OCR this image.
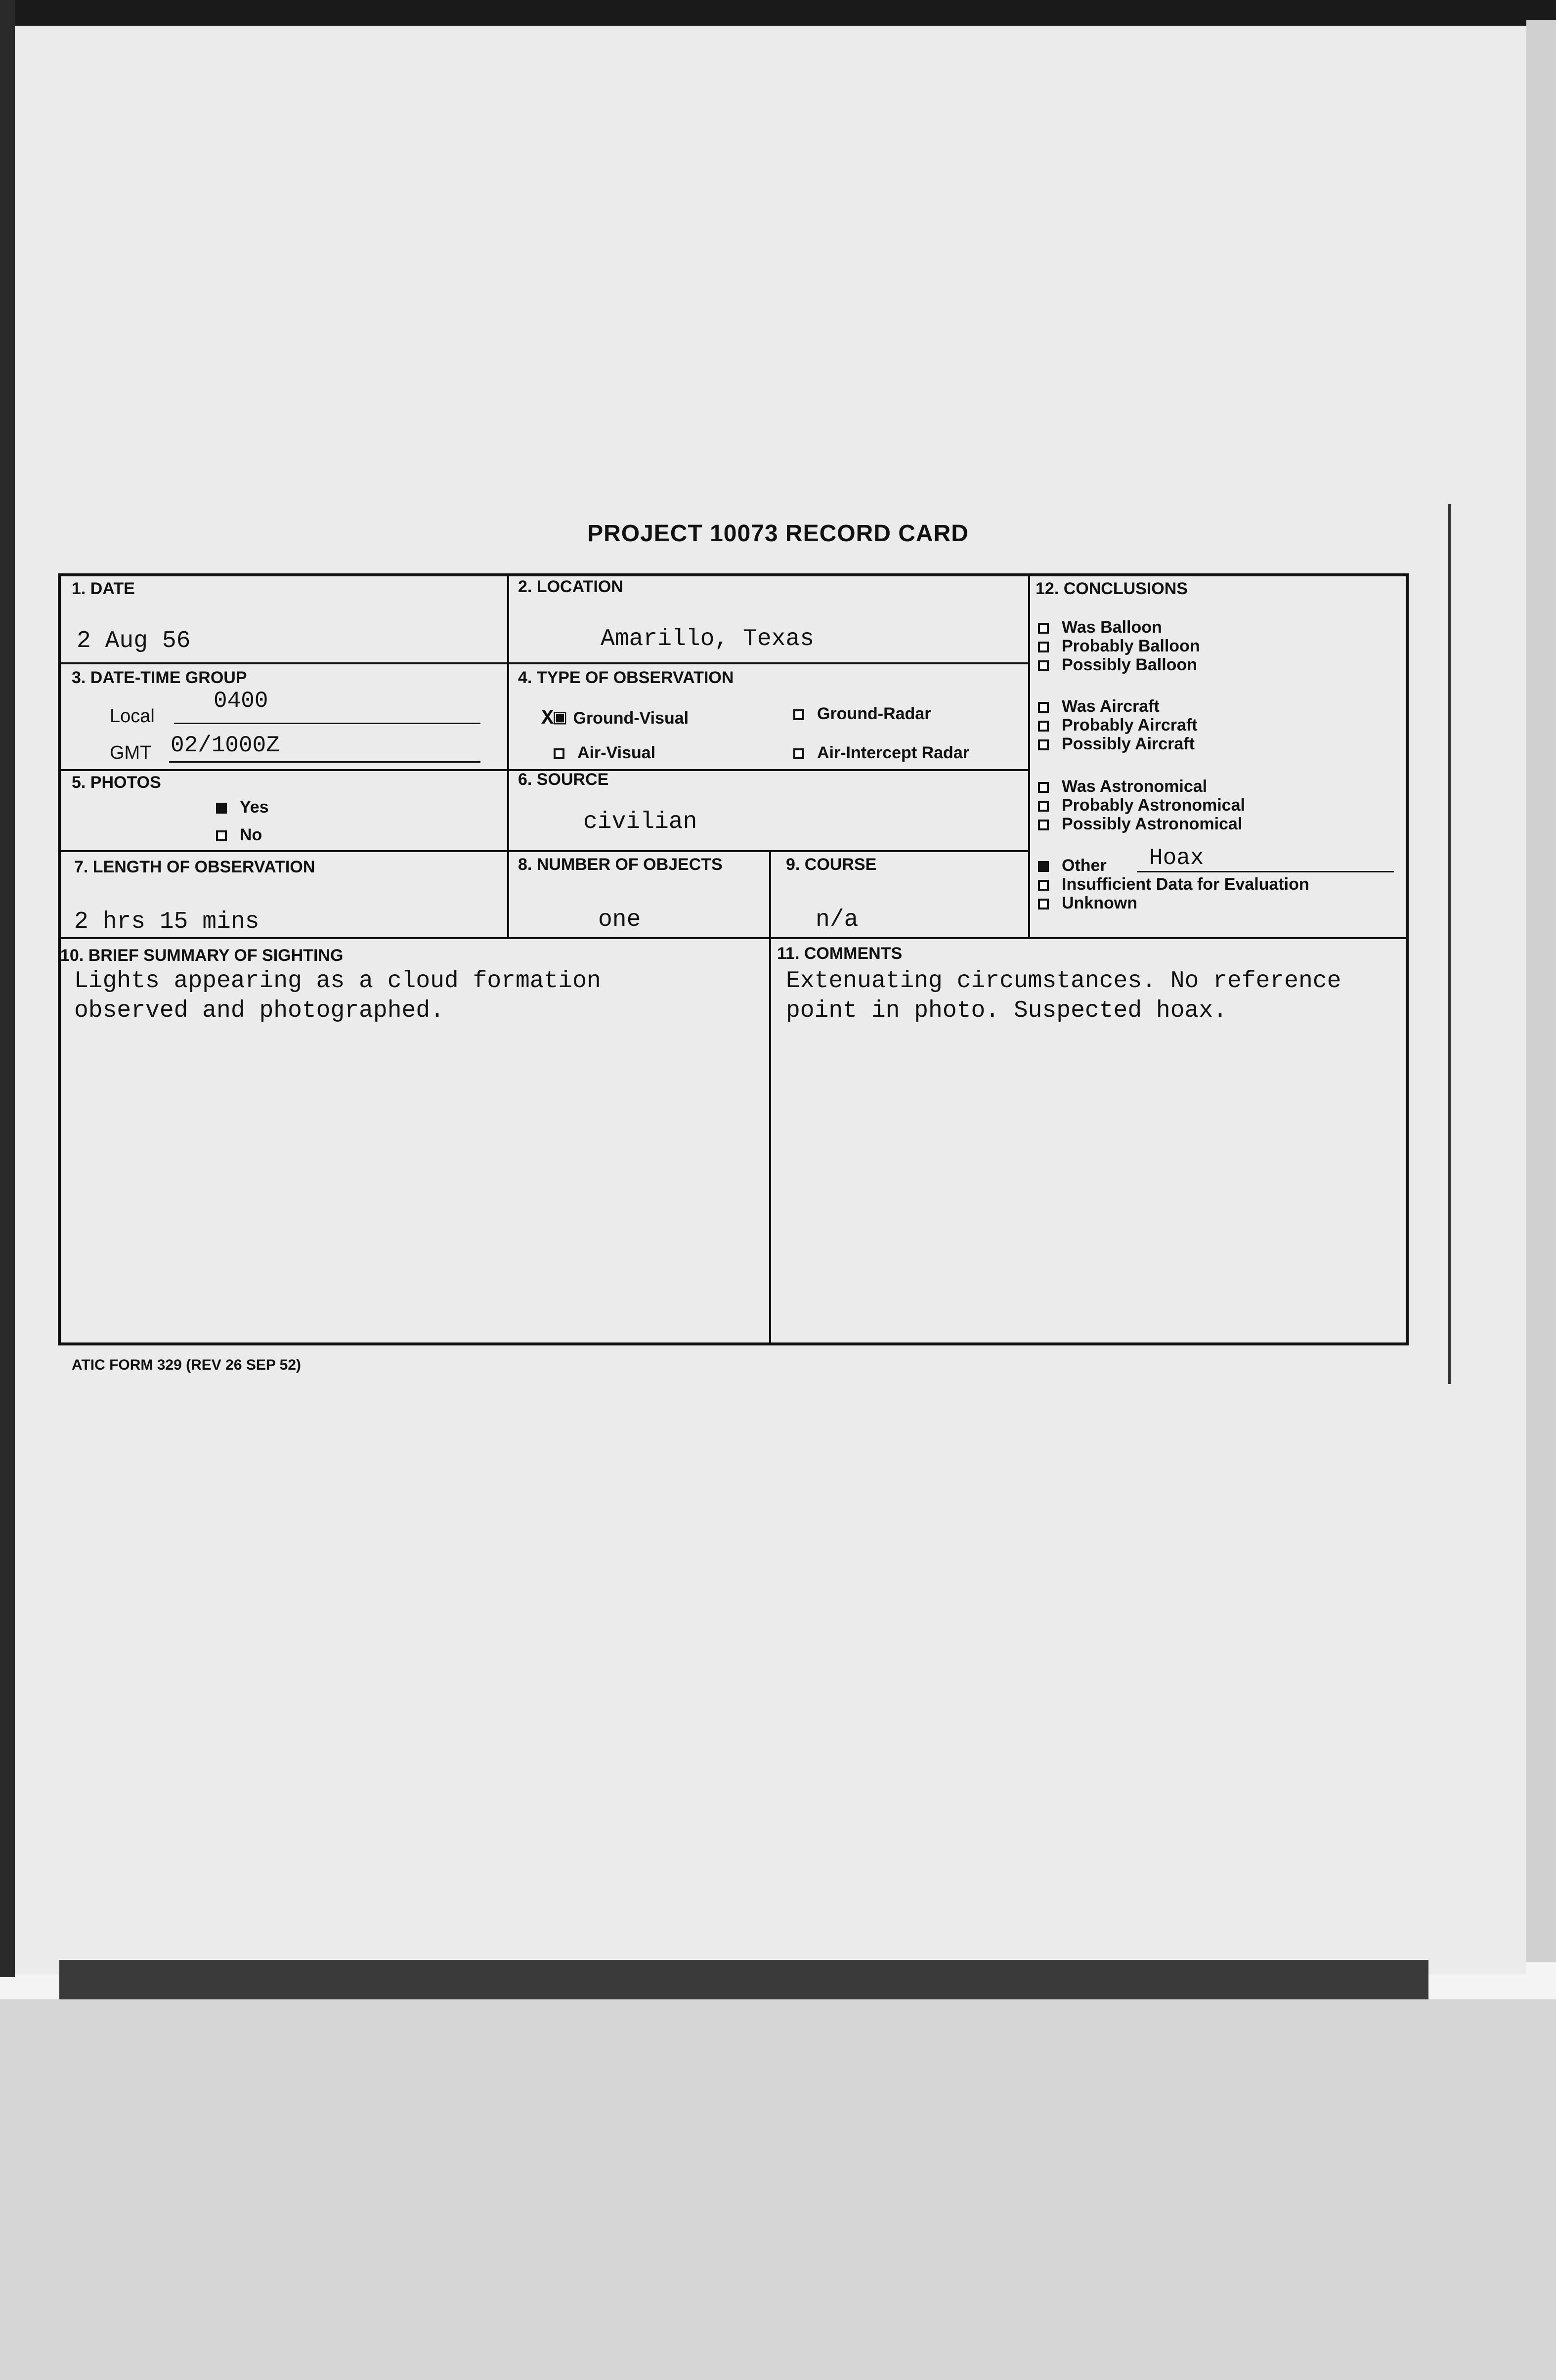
PROJECT 10073 RECORD CARD
1. DATE
2 Aug 56
2. LOCATION
Amarillo, Texas
3. DATE-TIME GROUP
Local
0400
GMT 02/1000Z
4. TYPE OF OBSERVATION
X▣ Ground-Visual	Ground-Radar
Air-Visual	Air-Intercept Radar
5. PHOTOS
Yes
No
6. SOURCE
civilian
7. LENGTH OF OBSERVATION
2 hrs 15 mins
8. NUMBER OF OBJECTS
one
9. COURSE
n/a
10. BRIEF SUMMARY OF SIGHTING
Lights appearing as a cloud formation
observed and photographed.
11. COMMENTS
Extenuating circumstances. No reference
point in photo. Suspected hoax.
12. CONCLUSIONS
Was Balloon
Probably Balloon
Possibly Balloon
Was Aircraft
Probably Aircraft
Possibly Aircraft
Was Astronomical
Probably Astronomical
Possibly Astronomical
Other
Insufficient Data for Evaluation
Unknown
Hoax
ATIC FORM 329 (REV 26 SEP 52)
